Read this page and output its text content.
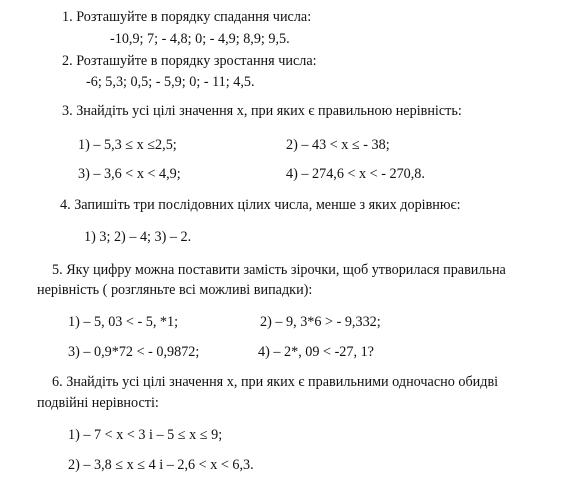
1. Розташуйте в порядку спадання числа:
-10,9; 7; - 4,8; 0; - 4,9; 8,9; 9,5.
2. Розташуйте в порядку зростання числа:
-6; 5,3; 0,5; - 5,9; 0; - 11; 4,5.
3. Знайдіть усі цілі значення х, при яких є правильною нерівність:
1) – 5,3 ≤ х ≤2,5;	2) – 43 < х ≤ - 38;
3) – 3,6 < х < 4,9;	4) – 274,6 < х < - 270,8.
4. Запишіть три послідовних цілих числа, менше з яких дорівнює:
1) 3; 2) – 4; 3) – 2.
5. Яку цифру можна поставити замість зірочки, щоб утворилася правильна
нерівність ( розгляньте всі можливі випадки):
1) – 5, 03 < - 5, *1;	2) – 9, 3*6 > - 9,332;
3) – 0,9*72 < - 0,9872;	4) – 2*, 09 < -27, 1?
6. Знайдіть усі цілі значення х, при яких є правильними одночасно обидві
подвійні нерівності:
1) – 7 < х < 3 і – 5 ≤ х ≤ 9;
2) – 3,8 ≤ х ≤ 4 і – 2,6 < х < 6,3.
